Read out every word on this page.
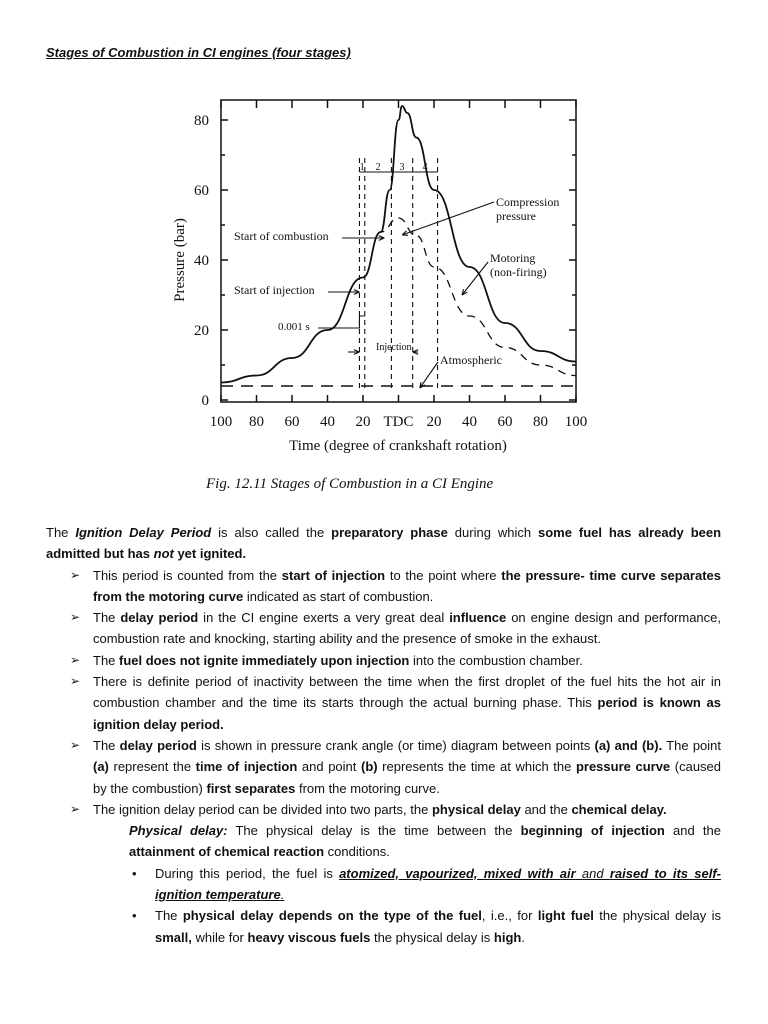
Stages of Combustion in CI engines (four stages)
80
60
40
20
0
100 80 60 40 20 TDC 20 40 60 80 100
Time (degree of crankshaft rotation)
Pressure (bar)
1 2 3 4
Start of combustion
Start of injection
0.001 s
Injection
Compression
pressure
Motoring
(non-firing)
Atmospheric
Fig. 12.11 Stages of Combustion in a CI Engine

The Ignition Delay Period is also called the preparatory phase during which some fuel has already been admitted but has not yet ignited.

➢ This period is counted from the start of injection to the point where the pressure- time curve separates from the motoring curve indicated as start of combustion.

➢ The delay period in the CI engine exerts a very great deal influence on engine design and performance, combustion rate and knocking, starting ability and the presence of smoke in the exhaust.

➢ The fuel does not ignite immediately upon injection into the combustion chamber.

➢ There is definite period of inactivity between the time when the first droplet of the fuel hits the hot air in combustion chamber and the time its starts through the actual burning phase. This period is known as ignition delay period.

➢ The delay period is shown in pressure crank angle (or time) diagram between points (a) and (b). The point (a) represent the time of injection and point (b) represents the time at which the pressure curve (caused by the combustion) first separates from the motoring curve.

➢ The ignition delay period can be divided into two parts, the physical delay and the chemical delay.

Physical delay: The physical delay is the time between the beginning of injection and the attainment of chemical reaction conditions.

• During this period, the fuel is atomized, vapourized, mixed with air and raised to its self-ignition temperature.

• The physical delay depends on the type of the fuel, i.e., for light fuel the physical delay is small, while for heavy viscous fuels the physical delay is high.
